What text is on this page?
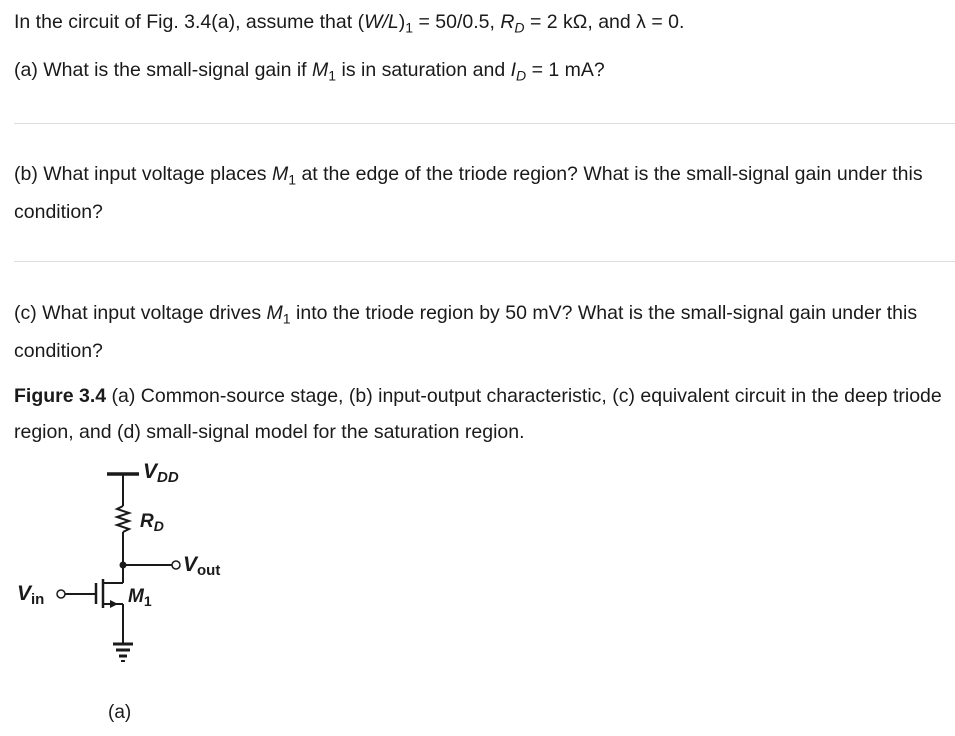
In the circuit of Fig. 3.4(a), assume that $(W/L)_1 = 50/0.5$, $R_D = 2$ kΩ, and λ = 0.
(a) What is the small-signal gain if $M_1$ is in saturation and $I_D = 1$ mA?
(b) What input voltage places $M_1$ at the edge of the triode region? What is the small-signal gain under this condition?
(c) What input voltage drives $M_1$ into the triode region by 50 mV? What is the small-signal gain under this condition?
Figure 3.4 (a) Common-source stage, (b) input-output characteristic, (c) equivalent circuit in the deep triode region, and (d) small-signal model for the saturation region.
VDD
$R_D$
Vout
Vin	$M_1$
(a)
